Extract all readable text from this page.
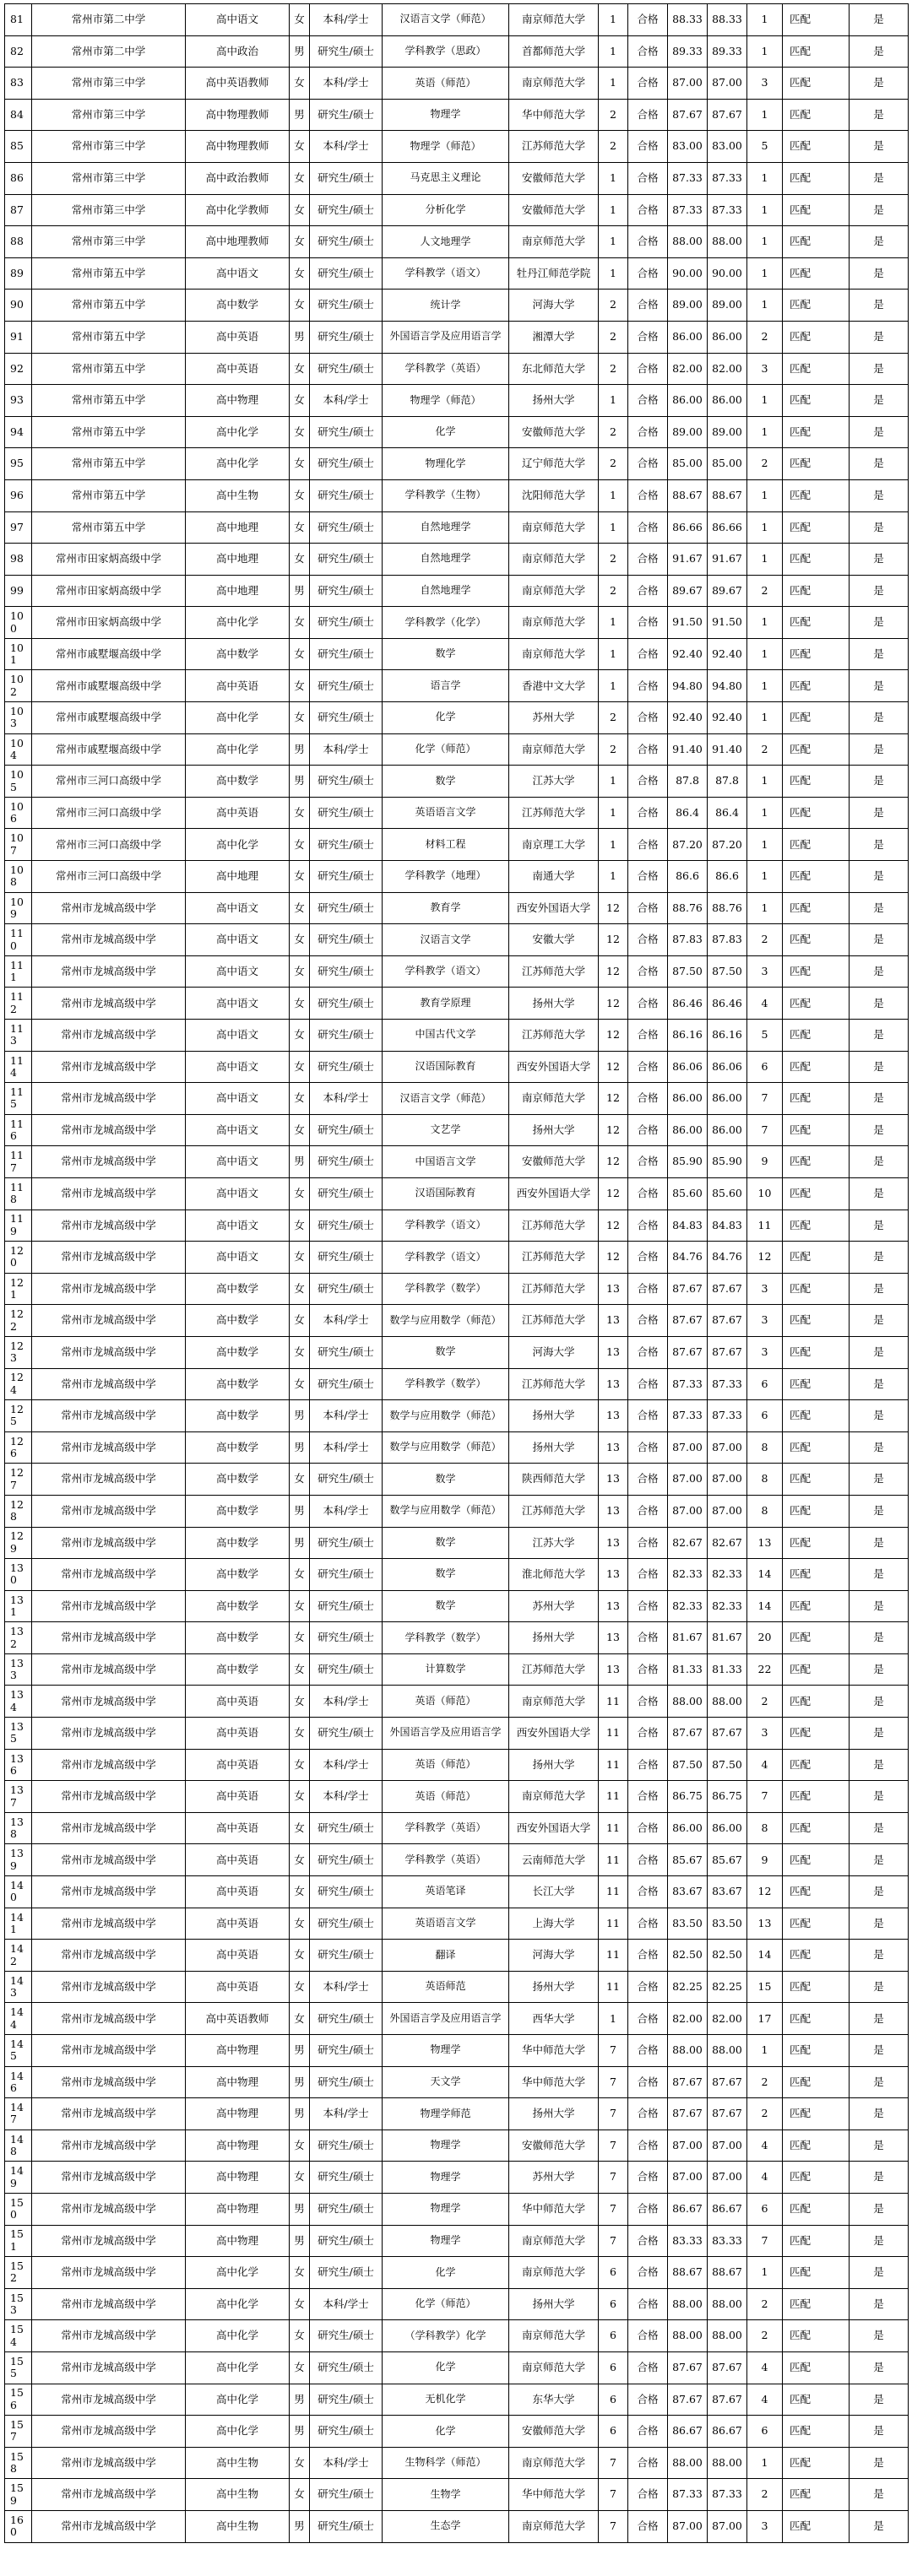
81	常州市第二中学	高中语文	女	本科/学士	汉语言文学（师范）	南京师范大学	1	合格	88.33	88.33	1	匹配	是
82	常州市第二中学	高中政治	男	研究生/硕士	学科教学（思政）	首都师范大学	1	合格	89.33	89.33	1	匹配	是
83	常州市第三中学	高中英语教师	女	本科/学士	英语（师范）	南京师范大学	1	合格	87.00	87.00	3	匹配	是
84	常州市第三中学	高中物理教师	男	研究生/硕士	物理学	华中师范大学	2	合格	87.67	87.67	1	匹配	是
85	常州市第三中学	高中物理教师	女	本科/学士	物理学（师范）	江苏师范大学	2	合格	83.00	83.00	5	匹配	是
86	常州市第三中学	高中政治教师	女	研究生/硕士	马克思主义理论	安徽师范大学	1	合格	87.33	87.33	1	匹配	是
87	常州市第三中学	高中化学教师	女	研究生/硕士	分析化学	安徽师范大学	1	合格	87.33	87.33	1	匹配	是
88	常州市第三中学	高中地理教师	女	研究生/硕士	人文地理学	南京师范大学	1	合格	88.00	88.00	1	匹配	是
89	常州市第五中学	高中语文	女	研究生/硕士	学科教学（语文）	牡丹江师范学院	1	合格	90.00	90.00	1	匹配	是
90	常州市第五中学	高中数学	女	研究生/硕士	统计学	河海大学	2	合格	89.00	89.00	1	匹配	是
91	常州市第五中学	高中英语	男	研究生/硕士	外国语言学及应用语言学	湘潭大学	2	合格	86.00	86.00	2	匹配	是
92	常州市第五中学	高中英语	女	研究生/硕士	学科教学（英语）	东北师范大学	2	合格	82.00	82.00	3	匹配	是
93	常州市第五中学	高中物理	女	本科/学士	物理学（师范）	扬州大学	1	合格	86.00	86.00	1	匹配	是
94	常州市第五中学	高中化学	女	研究生/硕士	化学	安徽师范大学	2	合格	89.00	89.00	1	匹配	是
95	常州市第五中学	高中化学	女	研究生/硕士	物理化学	辽宁师范大学	2	合格	85.00	85.00	2	匹配	是
96	常州市第五中学	高中生物	女	研究生/硕士	学科教学（生物）	沈阳师范大学	1	合格	88.67	88.67	1	匹配	是
97	常州市第五中学	高中地理	女	研究生/硕士	自然地理学	南京师范大学	1	合格	86.66	86.66	1	匹配	是
98	常州市田家炳高级中学	高中地理	女	研究生/硕士	自然地理学	南京师范大学	2	合格	91.67	91.67	1	匹配	是
99	常州市田家炳高级中学	高中地理	男	研究生/硕士	自然地理学	南京师范大学	2	合格	89.67	89.67	2	匹配	是
100	常州市田家炳高级中学	高中化学	女	研究生/硕士	学科教学（化学）	南京师范大学	1	合格	91.50	91.50	1	匹配	是
101	常州市戚墅堰高级中学	高中数学	女	研究生/硕士	数学	南京师范大学	1	合格	92.40	92.40	1	匹配	是
102	常州市戚墅堰高级中学	高中英语	女	研究生/硕士	语言学	香港中文大学	1	合格	94.80	94.80	1	匹配	是
103	常州市戚墅堰高级中学	高中化学	女	研究生/硕士	化学	苏州大学	2	合格	92.40	92.40	1	匹配	是
104	常州市戚墅堰高级中学	高中化学	男	本科/学士	化学（师范）	南京师范大学	2	合格	91.40	91.40	2	匹配	是
105	常州市三河口高级中学	高中数学	男	研究生/硕士	数学	江苏大学	1	合格	87.8	87.8	1	匹配	是
106	常州市三河口高级中学	高中英语	女	研究生/硕士	英语语言文学	江苏师范大学	1	合格	86.4	86.4	1	匹配	是
107	常州市三河口高级中学	高中化学	女	研究生/硕士	材料工程	南京理工大学	1	合格	87.20	87.20	1	匹配	是
108	常州市三河口高级中学	高中地理	女	研究生/硕士	学科教学（地理）	南通大学	1	合格	86.6	86.6	1	匹配	是
109	常州市龙城高级中学	高中语文	女	研究生/硕士	教育学	西安外国语大学	12	合格	88.76	88.76	1	匹配	是
110	常州市龙城高级中学	高中语文	女	研究生/硕士	汉语言文学	安徽大学	12	合格	87.83	87.83	2	匹配	是
111	常州市龙城高级中学	高中语文	女	研究生/硕士	学科教学（语文）	江苏师范大学	12	合格	87.50	87.50	3	匹配	是
112	常州市龙城高级中学	高中语文	女	研究生/硕士	教育学原理	扬州大学	12	合格	86.46	86.46	4	匹配	是
113	常州市龙城高级中学	高中语文	女	研究生/硕士	中国古代文学	江苏师范大学	12	合格	86.16	86.16	5	匹配	是
114	常州市龙城高级中学	高中语文	女	研究生/硕士	汉语国际教育	西安外国语大学	12	合格	86.06	86.06	6	匹配	是
115	常州市龙城高级中学	高中语文	女	本科/学士	汉语言文学（师范）	南京师范大学	12	合格	86.00	86.00	7	匹配	是
116	常州市龙城高级中学	高中语文	女	研究生/硕士	文艺学	扬州大学	12	合格	86.00	86.00	7	匹配	是
117	常州市龙城高级中学	高中语文	男	研究生/硕士	中国语言文学	安徽师范大学	12	合格	85.90	85.90	9	匹配	是
118	常州市龙城高级中学	高中语文	女	研究生/硕士	汉语国际教育	西安外国语大学	12	合格	85.60	85.60	10	匹配	是
119	常州市龙城高级中学	高中语文	女	研究生/硕士	学科教学（语文）	江苏师范大学	12	合格	84.83	84.83	11	匹配	是
120	常州市龙城高级中学	高中语文	女	研究生/硕士	学科教学（语文）	江苏师范大学	12	合格	84.76	84.76	12	匹配	是
121	常州市龙城高级中学	高中数学	女	研究生/硕士	学科教学（数学）	江苏师范大学	13	合格	87.67	87.67	3	匹配	是
122	常州市龙城高级中学	高中数学	女	本科/学士	数学与应用数学（师范）	江苏师范大学	13	合格	87.67	87.67	3	匹配	是
123	常州市龙城高级中学	高中数学	女	研究生/硕士	数学	河海大学	13	合格	87.67	87.67	3	匹配	是
124	常州市龙城高级中学	高中数学	女	研究生/硕士	学科教学（数学）	江苏师范大学	13	合格	87.33	87.33	6	匹配	是
125	常州市龙城高级中学	高中数学	男	本科/学士	数学与应用数学（师范）	扬州大学	13	合格	87.33	87.33	6	匹配	是
126	常州市龙城高级中学	高中数学	男	本科/学士	数学与应用数学（师范）	扬州大学	13	合格	87.00	87.00	8	匹配	是
127	常州市龙城高级中学	高中数学	女	研究生/硕士	数学	陕西师范大学	13	合格	87.00	87.00	8	匹配	是
128	常州市龙城高级中学	高中数学	男	本科/学士	数学与应用数学（师范）	江苏师范大学	13	合格	87.00	87.00	8	匹配	是
129	常州市龙城高级中学	高中数学	男	研究生/硕士	数学	江苏大学	13	合格	82.67	82.67	13	匹配	是
130	常州市龙城高级中学	高中数学	女	研究生/硕士	数学	淮北师范大学	13	合格	82.33	82.33	14	匹配	是
131	常州市龙城高级中学	高中数学	女	研究生/硕士	数学	苏州大学	13	合格	82.33	82.33	14	匹配	是
132	常州市龙城高级中学	高中数学	女	研究生/硕士	学科教学（数学）	扬州大学	13	合格	81.67	81.67	20	匹配	是
133	常州市龙城高级中学	高中数学	女	研究生/硕士	计算数学	江苏师范大学	13	合格	81.33	81.33	22	匹配	是
134	常州市龙城高级中学	高中英语	女	本科/学士	英语（师范）	南京师范大学	11	合格	88.00	88.00	2	匹配	是
135	常州市龙城高级中学	高中英语	女	研究生/硕士	外国语言学及应用语言学	西安外国语大学	11	合格	87.67	87.67	3	匹配	是
136	常州市龙城高级中学	高中英语	女	本科/学士	英语（师范）	扬州大学	11	合格	87.50	87.50	4	匹配	是
137	常州市龙城高级中学	高中英语	女	本科/学士	英语（师范）	南京师范大学	11	合格	86.75	86.75	7	匹配	是
138	常州市龙城高级中学	高中英语	女	研究生/硕士	学科教学（英语）	西安外国语大学	11	合格	86.00	86.00	8	匹配	是
139	常州市龙城高级中学	高中英语	女	研究生/硕士	学科教学（英语）	云南师范大学	11	合格	85.67	85.67	9	匹配	是
140	常州市龙城高级中学	高中英语	女	研究生/硕士	英语笔译	长江大学	11	合格	83.67	83.67	12	匹配	是
141	常州市龙城高级中学	高中英语	女	研究生/硕士	英语语言文学	上海大学	11	合格	83.50	83.50	13	匹配	是
142	常州市龙城高级中学	高中英语	女	研究生/硕士	翻译	河海大学	11	合格	82.50	82.50	14	匹配	是
143	常州市龙城高级中学	高中英语	女	本科/学士	英语师范	扬州大学	11	合格	82.25	82.25	15	匹配	是
144	常州市龙城高级中学	高中英语教师	女	研究生/硕士	外国语言学及应用语言学	西华大学	1	合格	82.00	82.00	17	匹配	是
145	常州市龙城高级中学	高中物理	男	研究生/硕士	物理学	华中师范大学	7	合格	88.00	88.00	1	匹配	是
146	常州市龙城高级中学	高中物理	男	研究生/硕士	天文学	华中师范大学	7	合格	87.67	87.67	2	匹配	是
147	常州市龙城高级中学	高中物理	男	本科/学士	物理学师范	扬州大学	7	合格	87.67	87.67	2	匹配	是
148	常州市龙城高级中学	高中物理	女	研究生/硕士	物理学	安徽师范大学	7	合格	87.00	87.00	4	匹配	是
149	常州市龙城高级中学	高中物理	女	研究生/硕士	物理学	苏州大学	7	合格	87.00	87.00	4	匹配	是
150	常州市龙城高级中学	高中物理	男	研究生/硕士	物理学	华中师范大学	7	合格	86.67	86.67	6	匹配	是
151	常州市龙城高级中学	高中物理	男	研究生/硕士	物理学	南京师范大学	7	合格	83.33	83.33	7	匹配	是
152	常州市龙城高级中学	高中化学	女	研究生/硕士	化学	南京师范大学	6	合格	88.67	88.67	1	匹配	是
153	常州市龙城高级中学	高中化学	女	本科/学士	化学（师范）	扬州大学	6	合格	88.00	88.00	2	匹配	是
154	常州市龙城高级中学	高中化学	女	研究生/硕士	（学科教学）化学	南京师范大学	6	合格	88.00	88.00	2	匹配	是
155	常州市龙城高级中学	高中化学	女	研究生/硕士	化学	南京师范大学	6	合格	87.67	87.67	4	匹配	是
156	常州市龙城高级中学	高中化学	男	研究生/硕士	无机化学	东华大学	6	合格	87.67	87.67	4	匹配	是
157	常州市龙城高级中学	高中化学	男	研究生/硕士	化学	安徽师范大学	6	合格	86.67	86.67	6	匹配	是
158	常州市龙城高级中学	高中生物	女	本科/学士	生物科学（师范）	南京师范大学	7	合格	88.00	88.00	1	匹配	是
159	常州市龙城高级中学	高中生物	女	研究生/硕士	生物学	华中师范大学	7	合格	87.33	87.33	2	匹配	是
160	常州市龙城高级中学	高中生物	男	研究生/硕士	生态学	南京师范大学	7	合格	87.00	87.00	3	匹配	是
